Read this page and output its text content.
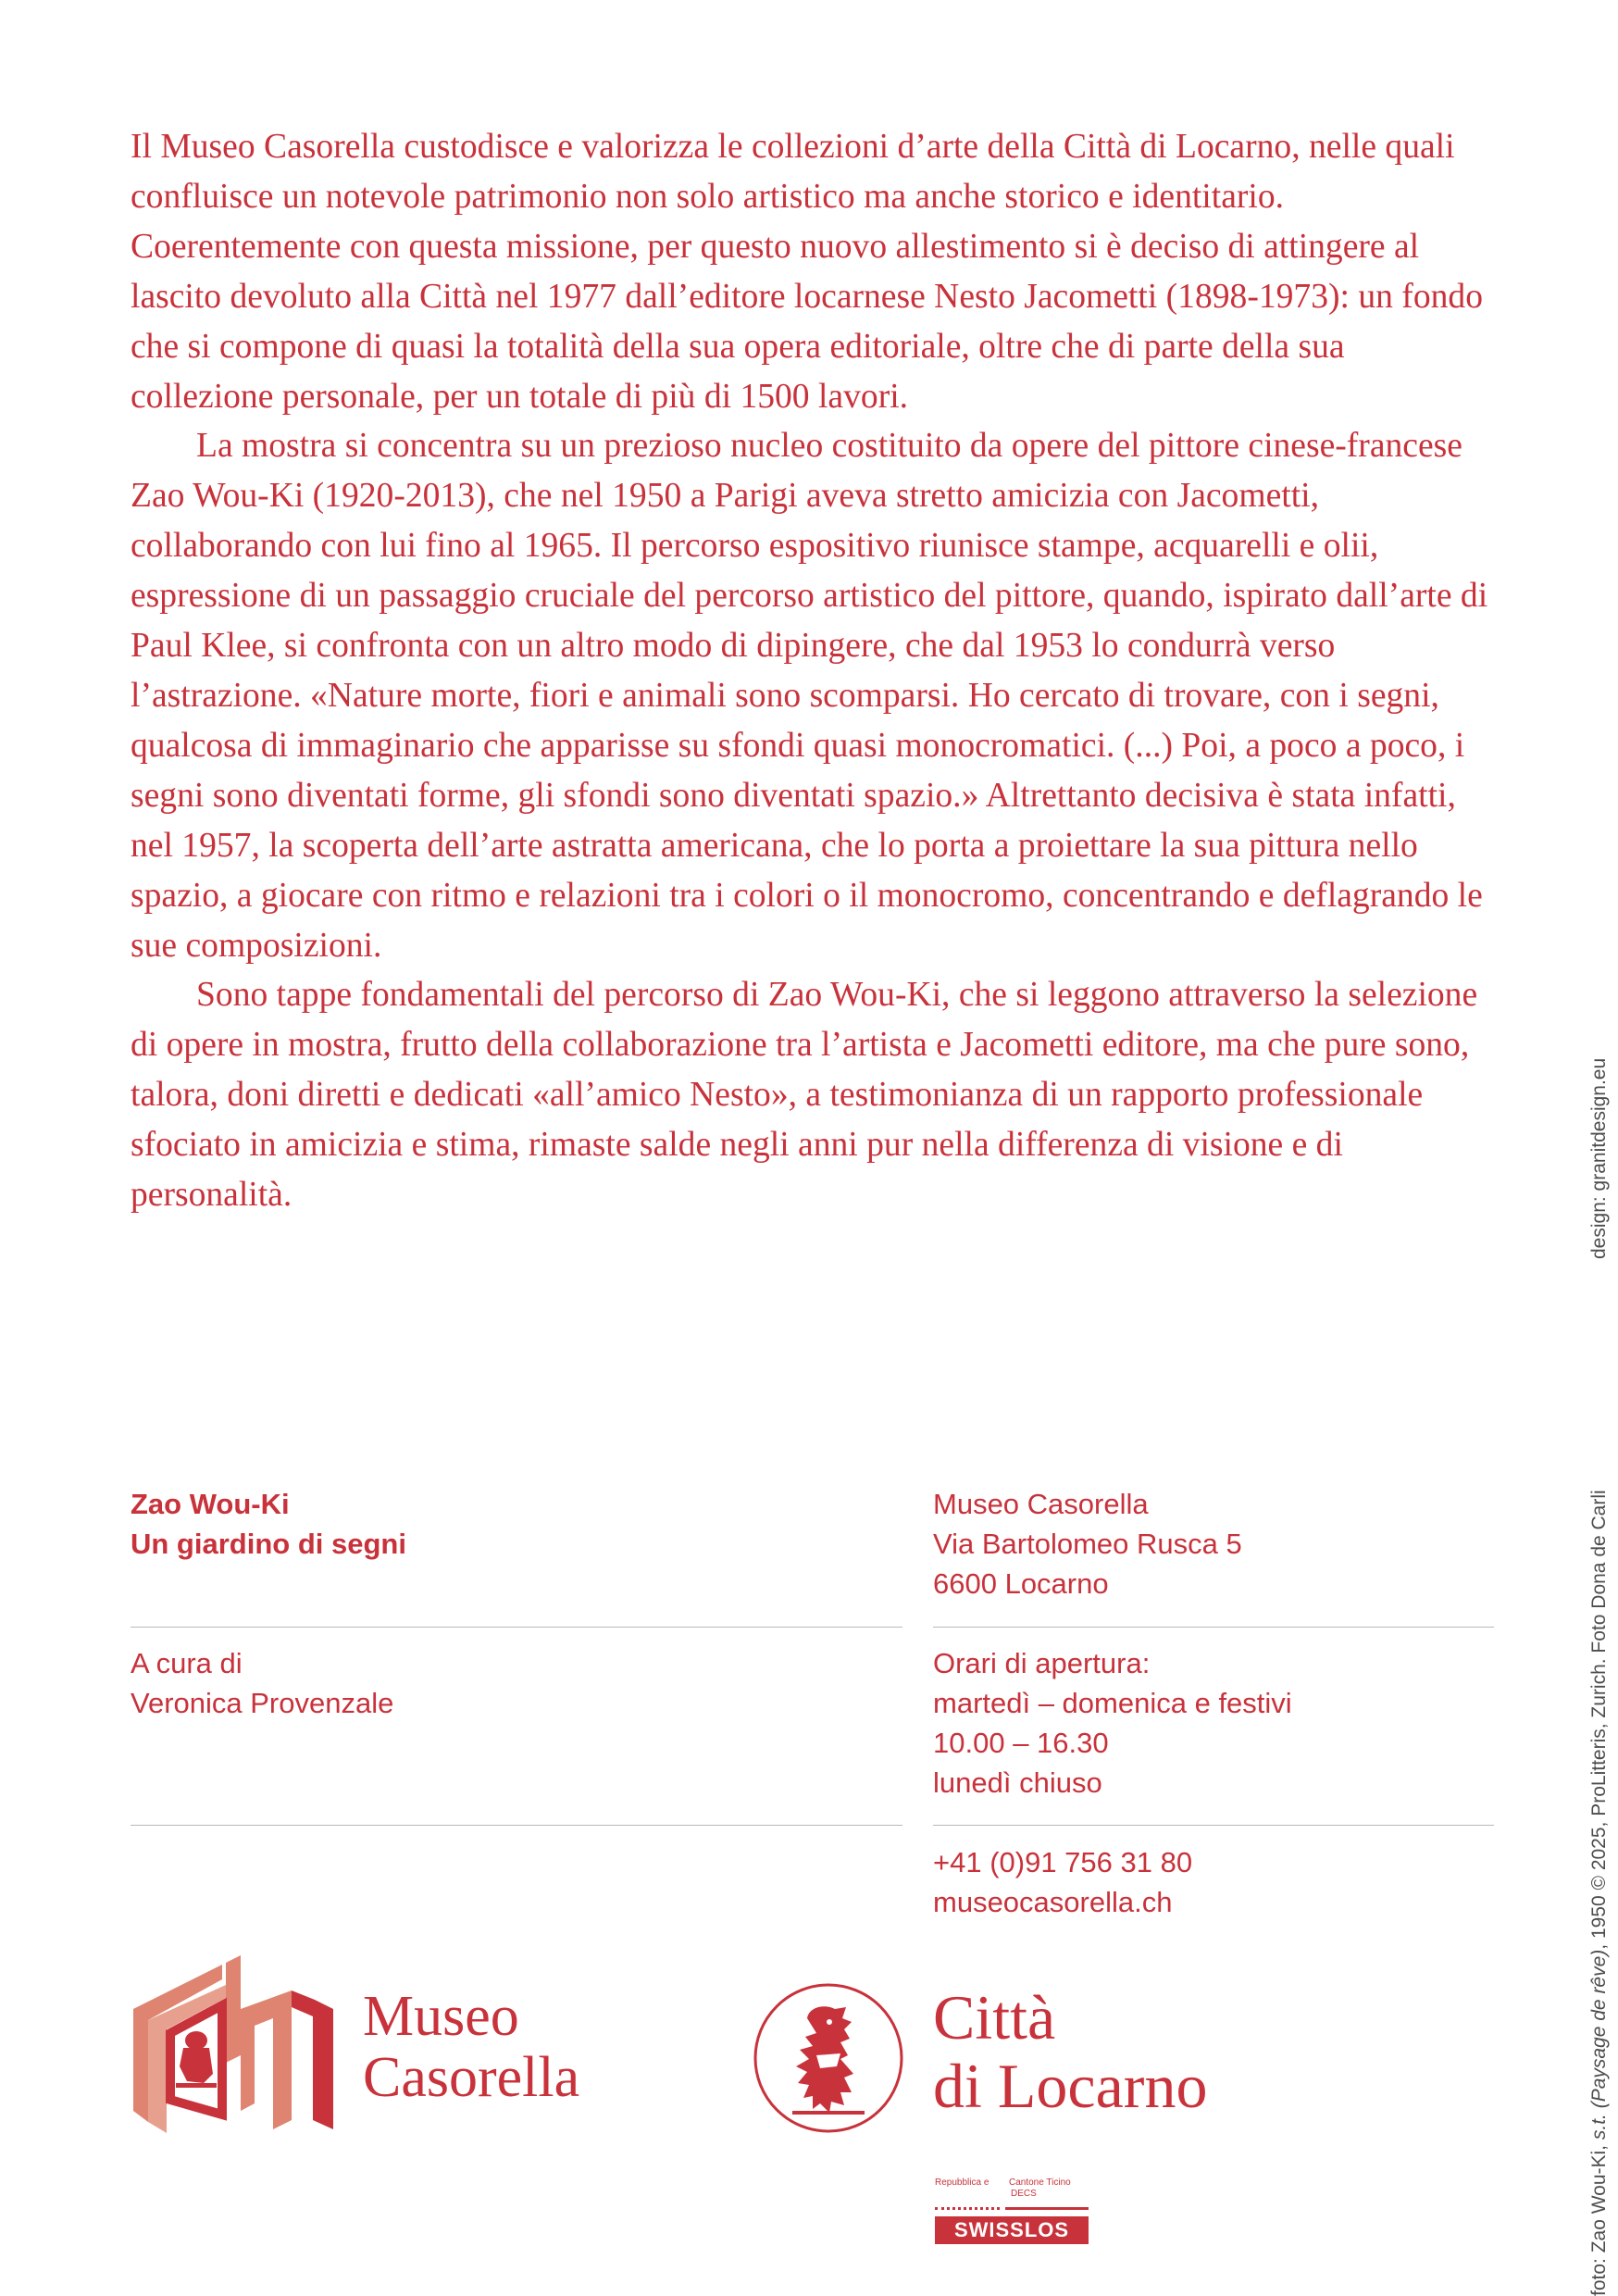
Il Museo Casorella custodisce e valorizza le collezioni d’arte della Città di Locarno, nelle quali confluisce un notevole patrimonio non solo artistico ma anche storico e identitario. Coerentemente con questa missione, per questo nuovo allestimento si è deciso di attingere al lascito devoluto alla Città nel 1977 dall’editore locarnese Nesto Jacometti (1898-1973): un fondo che si compone di quasi la totalità della sua opera editoriale, oltre che di parte della sua collezione personale, per un totale di più di 1500 lavori.

La mostra si concentra su un prezioso nucleo costituito da opere del pittore cinese-francese Zao Wou-Ki (1920-2013), che nel 1950 a Parigi aveva stretto amicizia con Jacometti, collaborando con lui fino al 1965. Il percorso espositivo riunisce stampe, acquarelli e olii, espressione di un passaggio cruciale del percorso artistico del pittore, quando, ispirato dall’arte di Paul Klee, si confronta con un altro modo di dipingere, che dal 1953 lo condurrà verso l’astrazione. «Nature morte, fiori e animali sono scomparsi. Ho cercato di trovare, con i segni, qualcosa di immaginario che apparisse su sfondi quasi monocromatici. (...) Poi, a poco a poco, i segni sono diventati forme, gli sfondi sono diventati spazio.» Altrettanto decisiva è stata infatti, nel 1957, la scoperta dell’arte astratta americana, che lo porta a proiettare la sua pittura nello spazio, a giocare con ritmo e relazioni tra i colori o il monocromo, concentrando e deflagrando le sue composizioni.

Sono tappe fondamentali del percorso di Zao Wou-Ki, che si leggono attraverso la selezione di opere in mostra, frutto della collaborazione tra l’artista e Jacometti editore, ma che pure sono, talora, doni diretti e dedicati «all’amico Nesto», a testimonianza di un rapporto professionale sfociato in amicizia e stima, rimaste salde negli anni pur nella differenza di visione e di personalità.

Zao Wou-Ki
Un giardino di segni
Museo Casorella
Via Bartolomeo Rusca 5
6600 Locarno
A cura di
Veronica Provenzale
Orari di apertura:
martedì – domenica e festivi
10.00 – 16.30
lunedì chiuso
+41 (0)91 756 31 80
museocasorella.ch
Museo
Casorella
Città
di Locarno
Repubblica e Cantone Ticino
DECS
SWISSLOS	foto: Zao Wou-Ki, s.t. (Paysage de rêve), 1950 © 2025, ProLitteris, Zurich. Foto Dona de Carli
design: granitdesign.eu
